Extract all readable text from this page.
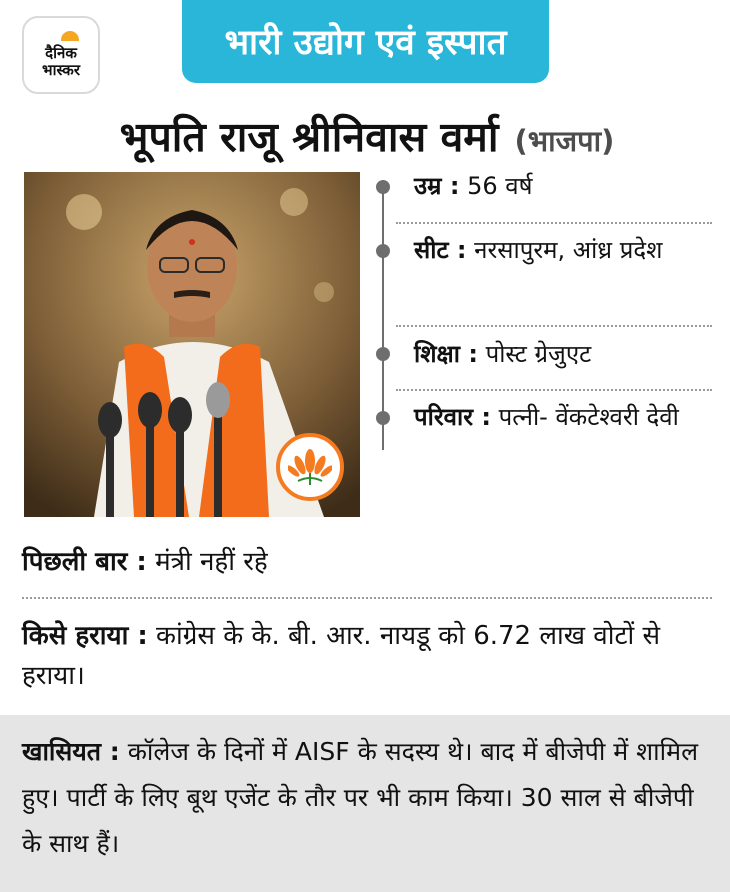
दैनिक
भास्कर
भारी उद्योग एवं इस्पात
भूपति राजू श्रीनिवास वर्मा (भाजपा)
उम्र : 56 वर्ष
सीट : नरसापुरम, आंध्र प्रदेश
शिक्षा : पोस्ट ग्रेजुएट
परिवार : पत्नी- वेंकटेश्वरी देवी
पिछली बार : मंत्री नहीं रहे
किसे हराया : कांग्रेस के के. बी. आर. नायडू को 6.72 लाख वोटों से हराया।
खासियत : कॉलेज के दिनों में AISF के सदस्य थे। बाद में बीजेपी में शामिल हुए। पार्टी के लिए बूथ एजेंट के तौर पर भी काम किया। 30 साल से बीजेपी के साथ हैं।
